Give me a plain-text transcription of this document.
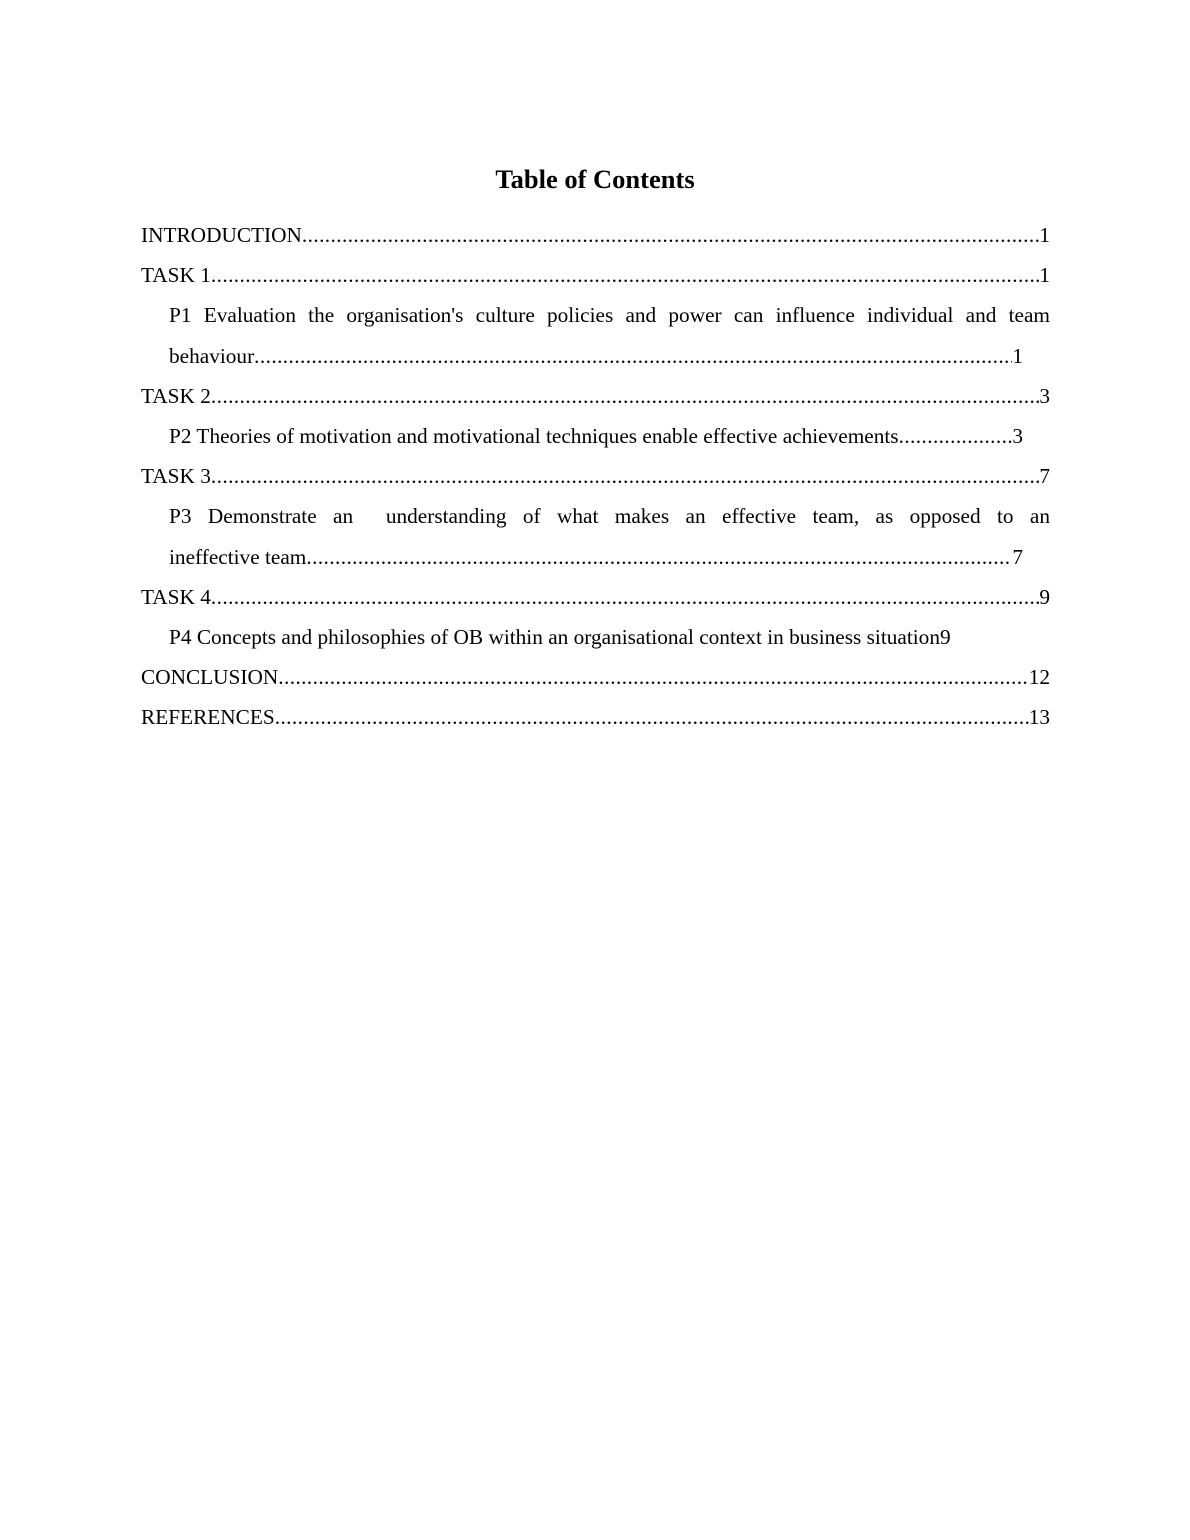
Table of Contents
INTRODUCTION .....	1
TASK 1 .....	1
P1 Evaluation the organisation's culture policies and power can influence individual and team
behaviour .....	1
TASK 2 .....	3
P2 Theories of motivation and motivational techniques enable effective achievements .....	3
TASK 3 .....	7
P3 Demonstrate an  understanding of what makes an effective team, as opposed to an
ineffective team .....	7
TASK 4 .....	9
P4 Concepts and philosophies of OB within an organisational context in business situation 9
CONCLUSION .....	12
REFERENCES .....	13
